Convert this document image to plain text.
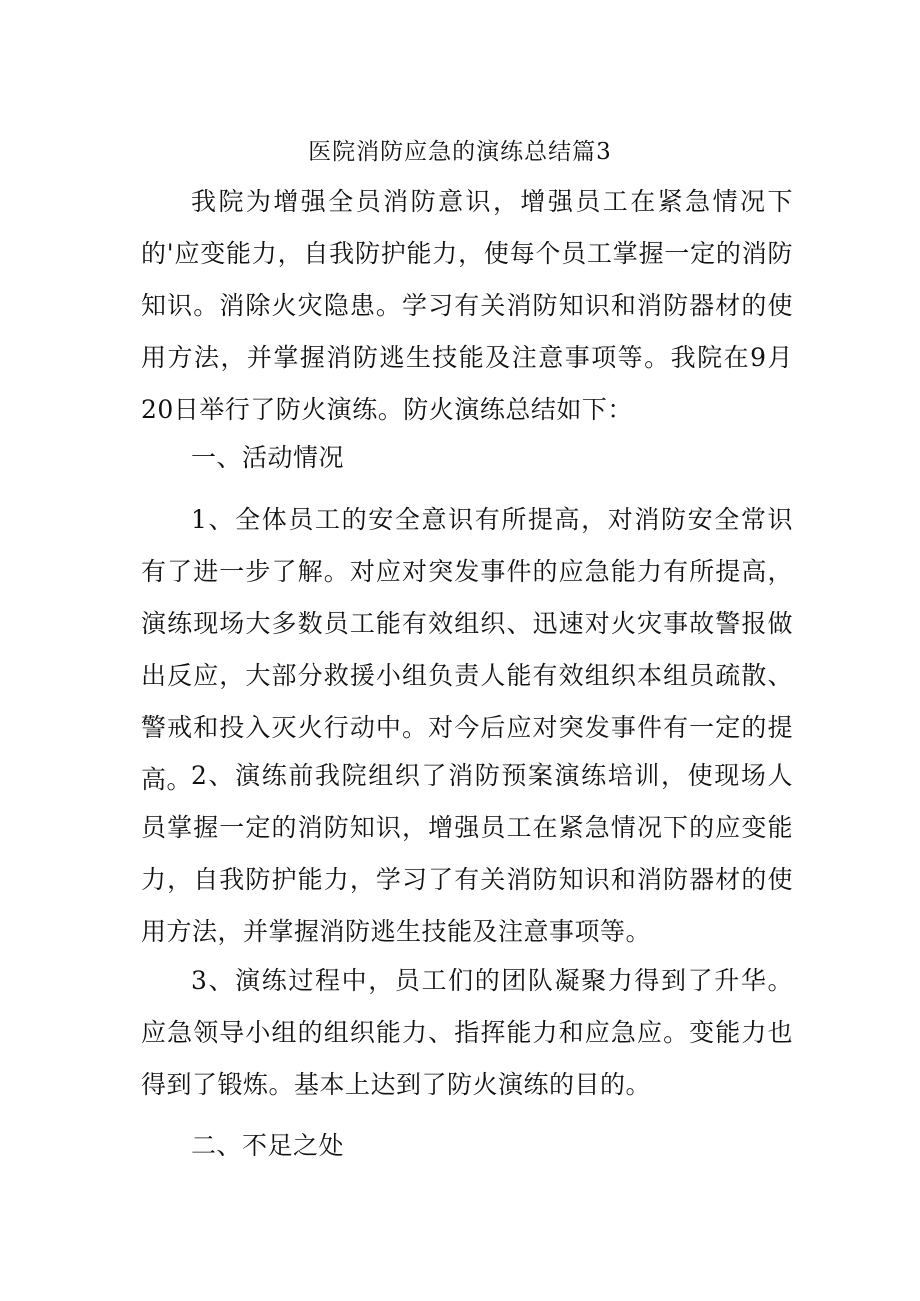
医院消防应急的演练总结篇3

我院为增强全员消防意识，增强员工在紧急情况下的'应变能力，自我防护能力，使每个员工掌握一定的消防知识。消除火灾隐患。学习有关消防知识和消防器材的使用方法，并掌握消防逃生技能及注意事项等。我院在9月20日举行了防火演练。防火演练总结如下：

一、活动情况

1、全体员工的安全意识有所提高，对消防安全常识有了进一步了解。对应对突发事件的应急能力有所提高，演练现场大多数员工能有效组织、迅速对火灾事故警报做出反应，大部分救援小组负责人能有效组织本组员疏散、警戒和投入灭火行动中。对今后应对突发事件有一定的提高。

2、演练前我院组织了消防预案演练培训，使现场人员掌握一定的消防知识，增强员工在紧急情况下的应变能力，自我防护能力，学习了有关消防知识和消防器材的使用方法，并掌握消防逃生技能及注意事项等。

3、演练过程中，员工们的团队凝聚力得到了升华。应急领导小组的组织能力、指挥能力和应急应。变能力也得到了锻炼。基本上达到了防火演练的目的。

二、不足之处
